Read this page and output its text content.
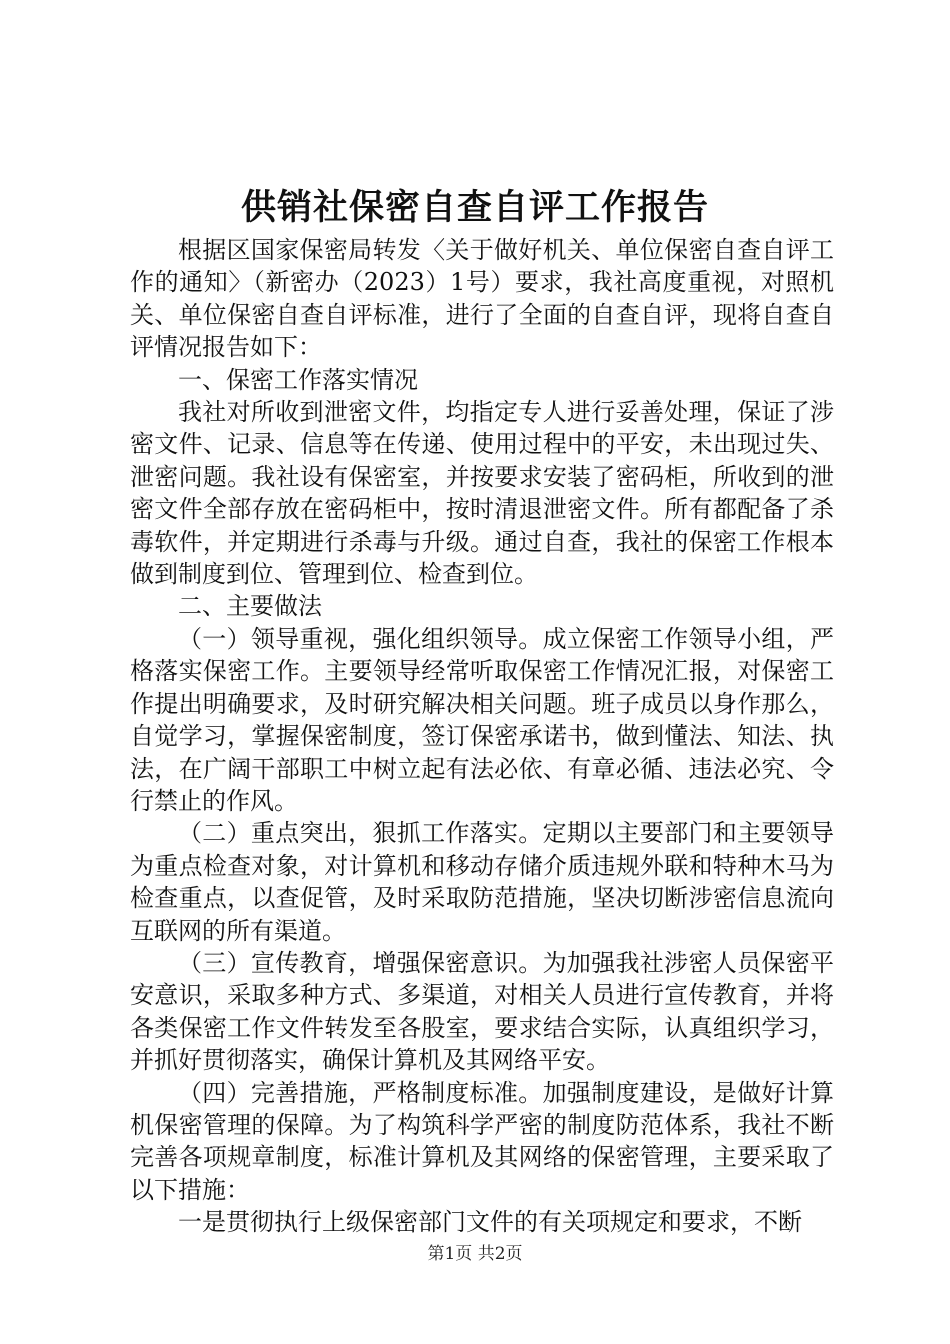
供销社保密自查自评工作报告

根据区国家保密局转发〈关于做好机关、单位保密自查自评工作的通知〉（新密办（2023）1号）要求，我社高度重视，对照机关、单位保密自查自评标准，进行了全面的自查自评，现将自查自评情况报告如下：

一、保密工作落实情况

我社对所收到泄密文件，均指定专人进行妥善处理，保证了涉密文件、记录、信息等在传递、使用过程中的平安，未出现过失、泄密问题。我社设有保密室，并按要求安装了密码柜，所收到的泄密文件全部存放在密码柜中，按时清退泄密文件。所有都配备了杀毒软件，并定期进行杀毒与升级。通过自查，我社的保密工作根本做到制度到位、管理到位、检查到位。

二、主要做法

（一）领导重视，强化组织领导。成立保密工作领导小组，严格落实保密工作。主要领导经常听取保密工作情况汇报，对保密工作提出明确要求，及时研究解决相关问题。班子成员以身作那么，自觉学习，掌握保密制度，签订保密承诺书，做到懂法、知法、执法，在广阔干部职工中树立起有法必依、有章必循、违法必究、令行禁止的作风。

（二）重点突出，狠抓工作落实。定期以主要部门和主要领导为重点检查对象，对计算机和移动存储介质违规外联和特种木马为检查重点，以查促管，及时采取防范措施，坚决切断涉密信息流向互联网的所有渠道。

（三）宣传教育，增强保密意识。为加强我社涉密人员保密平安意识，采取多种方式、多渠道，对相关人员进行宣传教育，并将各类保密工作文件转发至各股室，要求结合实际，认真组织学习，并抓好贯彻落实，确保计算机及其网络平安。

（四）完善措施，严格制度标准。加强制度建设，是做好计算机保密管理的保障。为了构筑科学严密的制度防范体系，我社不断完善各项规章制度，标准计算机及其网络的保密管理，主要采取了以下措施：

一是贯彻执行上级保密部门文件的有关项规定和要求，不断

第1页 共2页
